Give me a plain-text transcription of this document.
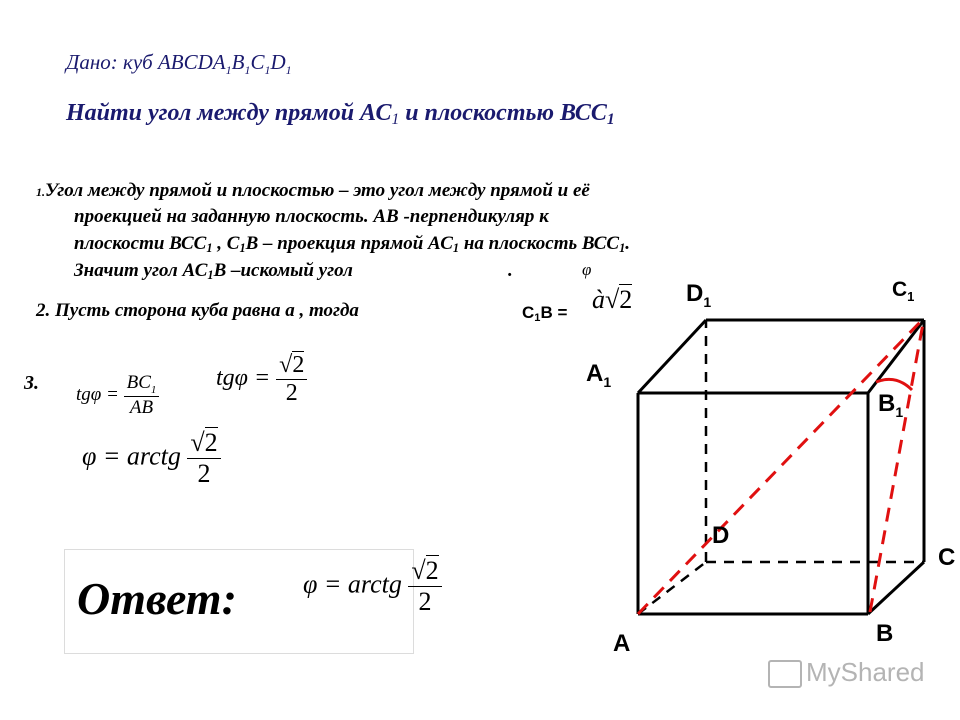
Дано: куб $ABCDA_1B_1C_1D_1$
Найти угол между прямой $АС_1$ и плоскостью $ВСС_1$
1.Угол между прямой и плоскостью – это угол между прямой и её
проекцией на заданную плоскость. АВ -перпендикуляр к
плоскости $ВСС_1$ , $С_1В$ – проекция прямой $АС_1$ на плоскость $ВСС_1$.
Значит угол $АС_1В$ –искомый угол	.	φ
2. Пусть сторона куба равна а , тогда	$C_1B$ = à√2
3.
$tg\varphi = \frac{BC_1}{AB}$ $tg\varphi = \frac{√2}{2}$
φ = arctg $\frac{√2}{2}$
Ответ:	φ = arctg $\frac{√2}{2}$
A	B
C
D
$A_1$
$B_1$
$C_1$
$D_1$
MyShared
